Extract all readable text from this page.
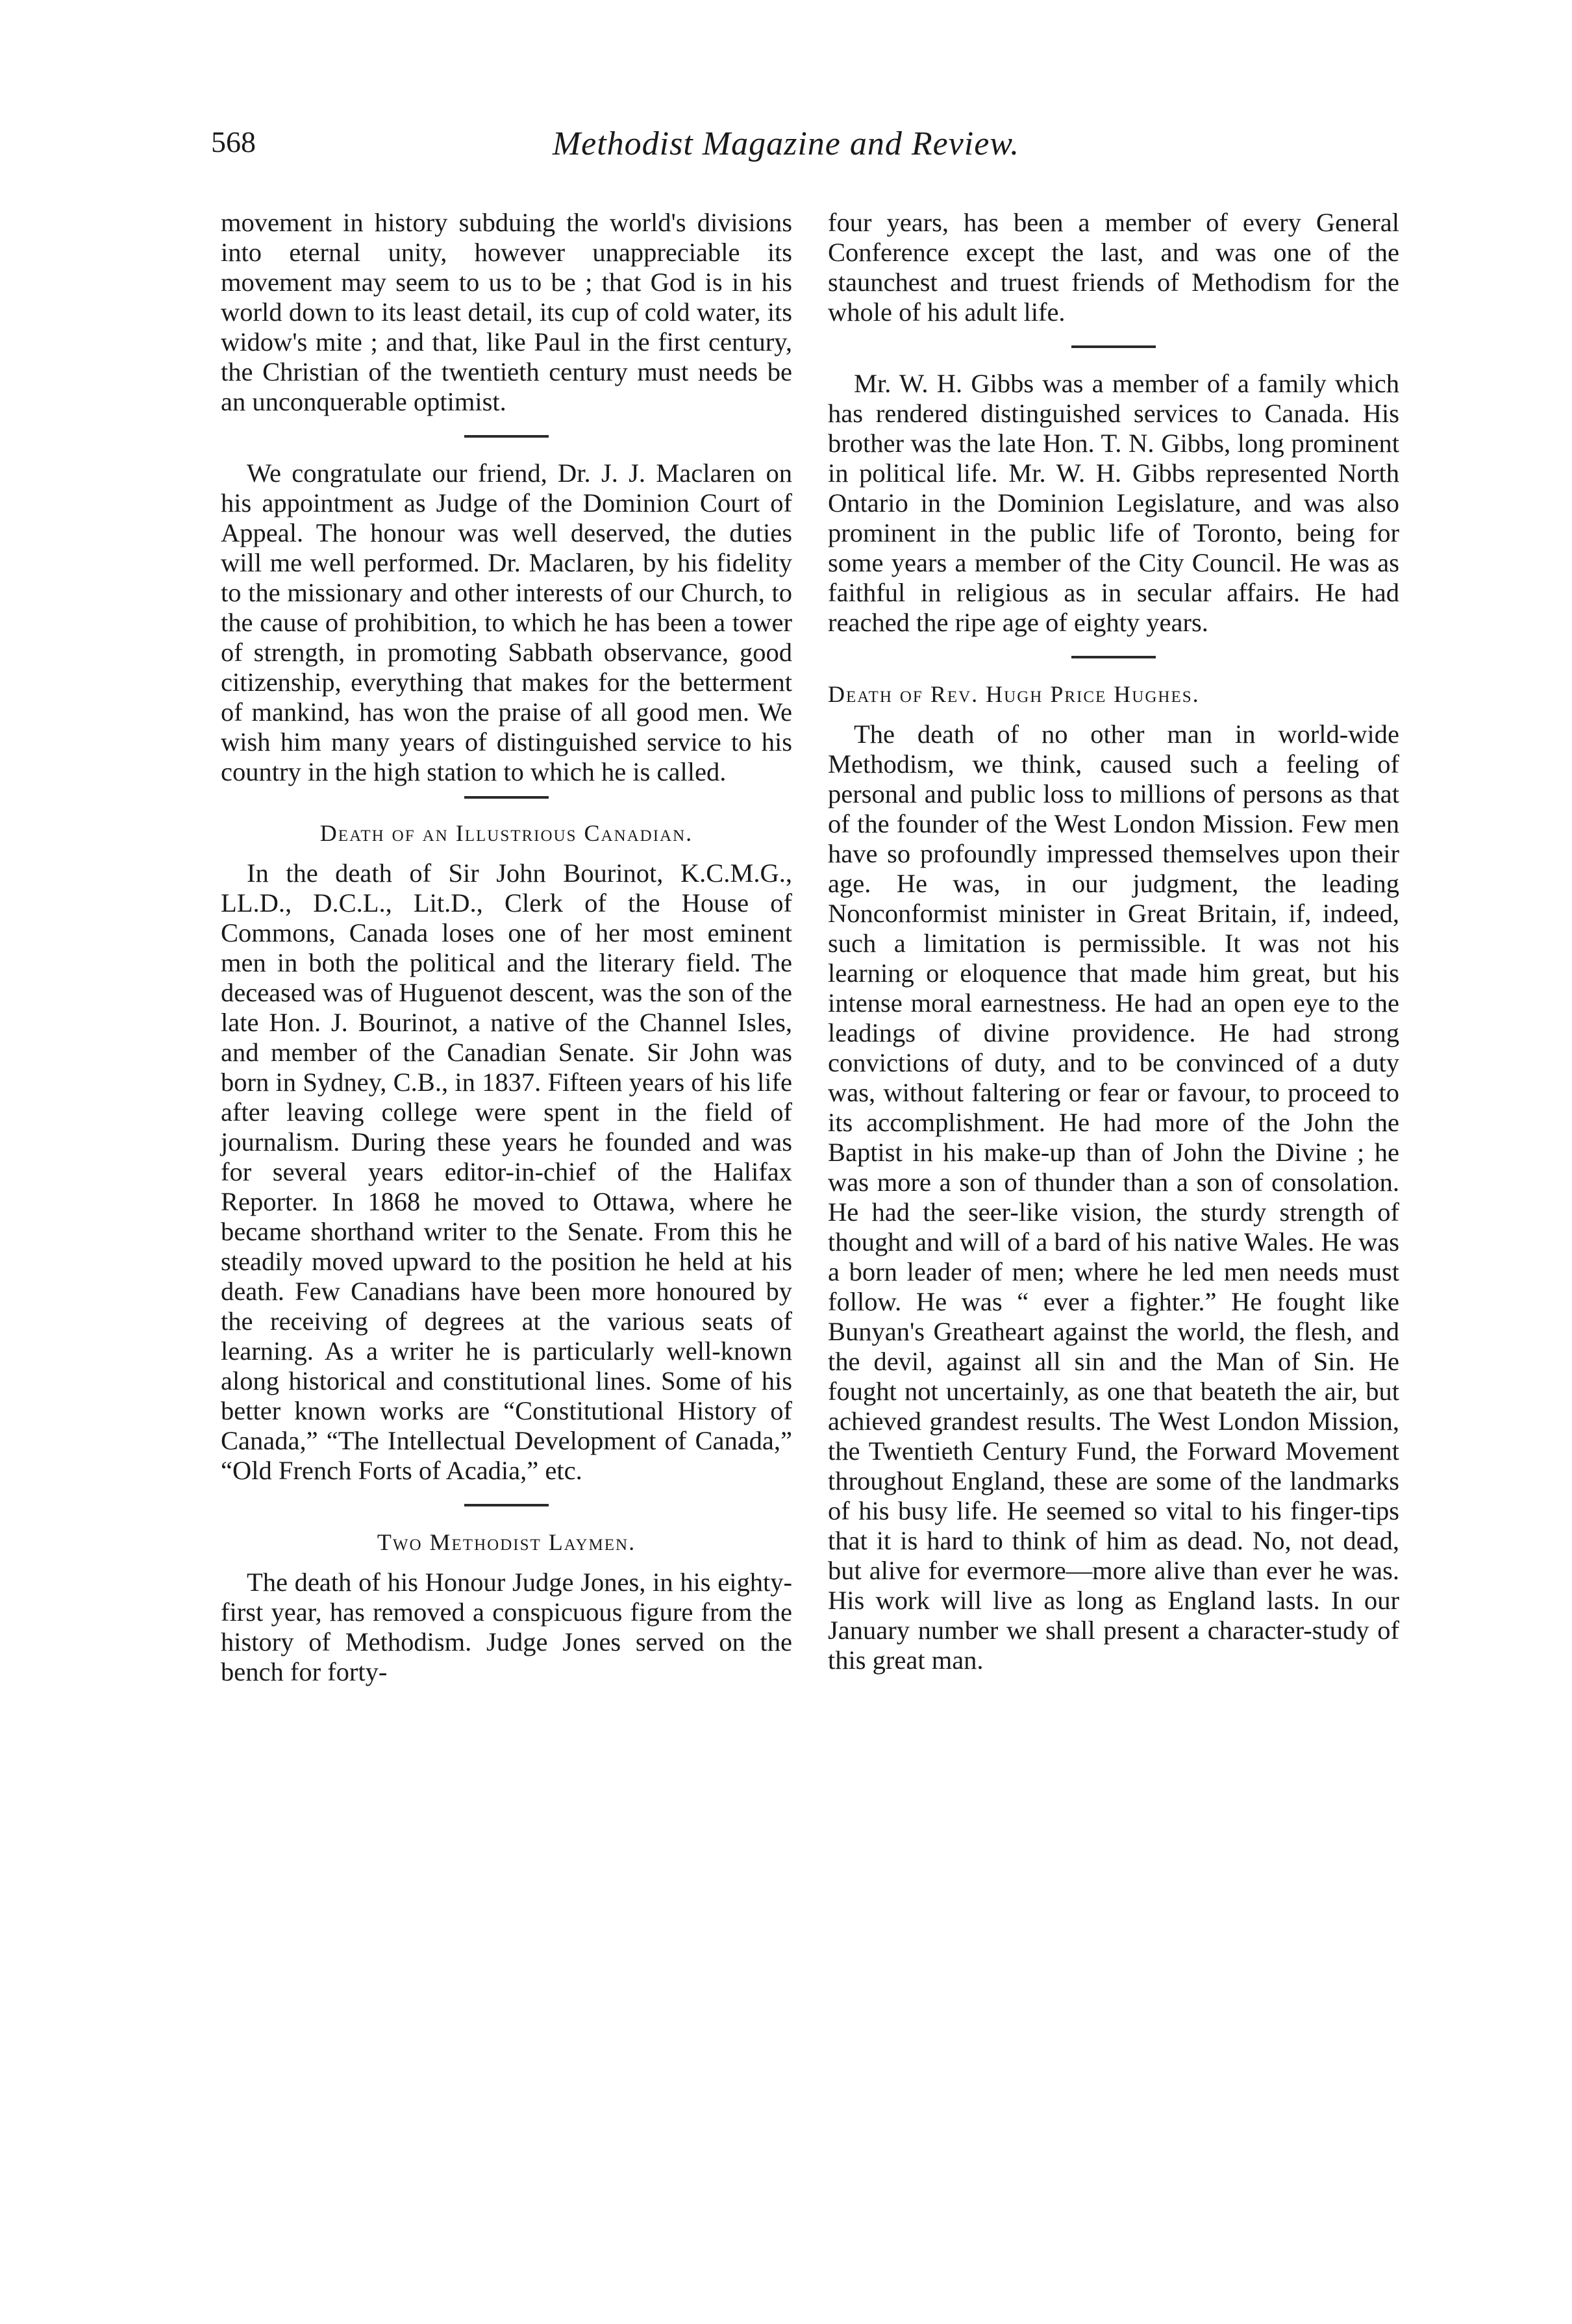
568	Methodist Magazine and Review.

movement in history subduing the world's divisions into eternal unity, however unappreciable its movement may seem to us to be ; that God is in his world down to its least detail, its cup of cold water, its widow's mite ; and that, like Paul in the first century, the Christian of the twentieth century must needs be an unconquerable optimist.

We congratulate our friend, Dr. J. J. Maclaren on his appointment as Judge of the Dominion Court of Appeal. The honour was well deserved, the duties will me well performed. Dr. Maclaren, by his fidelity to the missionary and other interests of our Church, to the cause of prohibition, to which he has been a tower of strength, in promoting Sabbath observance, good citizenship, everything that makes for the betterment of mankind, has won the praise of all good men. We wish him many years of distinguished service to his country in the high station to which he is called.

Death of an Illustrious Canadian.

In the death of Sir John Bourinot, K.C.M.G., LL.D., D.C.L., Lit.D., Clerk of the House of Commons, Canada loses one of her most eminent men in both the political and the literary field. The deceased was of Huguenot descent, was the son of the late Hon. J. Bourinot, a native of the Channel Isles, and member of the Canadian Senate. Sir John was born in Sydney, C.B., in 1837. Fifteen years of his life after leaving college were spent in the field of journalism. During these years he founded and was for several years editor-in-chief of the Halifax Reporter. In 1868 he moved to Ottawa, where he became shorthand writer to the Senate. From this he steadily moved upward to the position he held at his death. Few Canadians have been more honoured by the receiving of degrees at the various seats of learning. As a writer he is particularly well-known along historical and constitutional lines. Some of his better known works are “Constitutional History of Canada,” “The Intellectual Development of Canada,” “Old French Forts of Acadia,” etc.

Two Methodist Laymen.

The death of his Honour Judge Jones, in his eighty-first year, has removed a conspicuous figure from the history of Methodism. Judge Jones served on the bench for forty-

four years, has been a member of every General Conference except the last, and was one of the staunchest and truest friends of Methodism for the whole of his adult life.

Mr. W. H. Gibbs was a member of a family which has rendered distinguished services to Canada. His brother was the late Hon. T. N. Gibbs, long prominent in political life. Mr. W. H. Gibbs represented North Ontario in the Dominion Legislature, and was also prominent in the public life of Toronto, being for some years a member of the City Council. He was as faithful in religious as in secular affairs. He had reached the ripe age of eighty years.

Death of Rev. Hugh Price Hughes.

The death of no other man in world-wide Methodism, we think, caused such a feeling of personal and public loss to millions of persons as that of the founder of the West London Mission. Few men have so profoundly impressed themselves upon their age. He was, in our judgment, the leading Nonconformist minister in Great Britain, if, indeed, such a limitation is permissible. It was not his learning or eloquence that made him great, but his intense moral earnestness. He had an open eye to the leadings of divine providence. He had strong convictions of duty, and to be convinced of a duty was, without faltering or fear or favour, to proceed to its accomplishment. He had more of the John the Baptist in his make-up than of John the Divine ; he was more a son of thunder than a son of consolation. He had the seer-like vision, the sturdy strength of thought and will of a bard of his native Wales. He was a born leader of men; where he led men needs must follow. He was “ ever a fighter.” He fought like Bunyan's Greatheart against the world, the flesh, and the devil, against all sin and the Man of Sin. He fought not uncertainly, as one that beateth the air, but achieved grandest results. The West London Mission, the Twentieth Century Fund, the Forward Movement throughout England, these are some of the landmarks of his busy life. He seemed so vital to his finger-tips that it is hard to think of him as dead. No, not dead, but alive for evermore—more alive than ever he was. His work will live as long as England lasts. In our January number we shall present a character-study of this great man.
